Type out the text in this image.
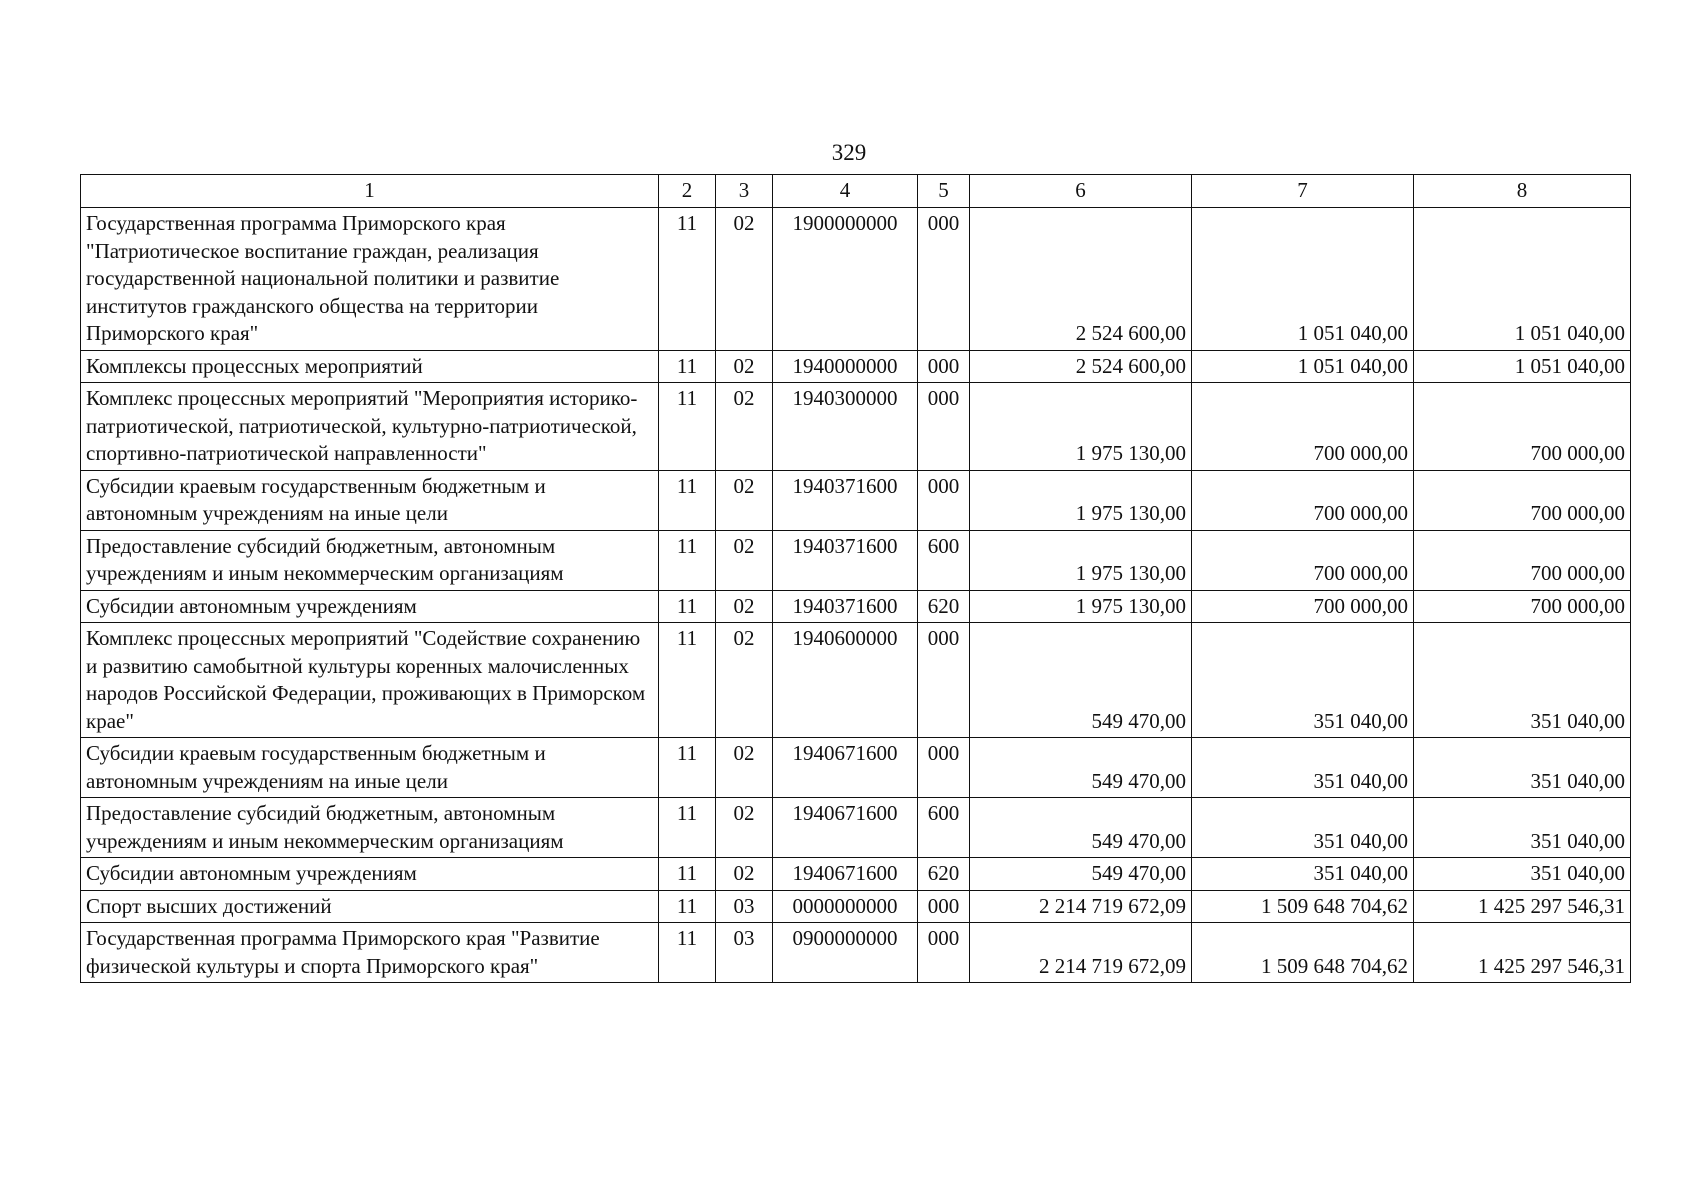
329
1	2	3	4	5	6	7	8
Государственная программа Приморского края "Патриотическое воспитание граждан, реализация государственной национальной политики и развитие институтов гражданского общества на территории Приморского края"	11	02	1900000000	000	2 524 600,00	1 051 040,00	1 051 040,00
Комплексы процессных мероприятий	11	02	1940000000	000	2 524 600,00	1 051 040,00	1 051 040,00
Комплекс процессных мероприятий "Мероприятия историко-патриотической, патриотической, культурно-патриотической, спортивно-патриотической направленности"	11	02	1940300000	000	1 975 130,00	700 000,00	700 000,00
Субсидии краевым государственным бюджетным и автономным учреждениям на иные цели	11	02	1940371600	000	1 975 130,00	700 000,00	700 000,00
Предоставление субсидий бюджетным, автономным учреждениям и иным некоммерческим организациям	11	02	1940371600	600	1 975 130,00	700 000,00	700 000,00
Субсидии автономным учреждениям	11	02	1940371600	620	1 975 130,00	700 000,00	700 000,00
Комплекс процессных мероприятий "Содействие сохранению и развитию самобытной культуры коренных малочисленных народов Российской Федерации, проживающих в Приморском крае"	11	02	1940600000	000	549 470,00	351 040,00	351 040,00
Субсидии краевым государственным бюджетным и автономным учреждениям на иные цели	11	02	1940671600	000	549 470,00	351 040,00	351 040,00
Предоставление субсидий бюджетным, автономным учреждениям и иным некоммерческим организациям	11	02	1940671600	600	549 470,00	351 040,00	351 040,00
Субсидии автономным учреждениям	11	02	1940671600	620	549 470,00	351 040,00	351 040,00
Спорт высших достижений	11	03	0000000000	000	2 214 719 672,09	1 509 648 704,62	1 425 297 546,31
Государственная программа Приморского края "Развитие физической культуры и спорта Приморского края"	11	03	0900000000	000	2 214 719 672,09	1 509 648 704,62	1 425 297 546,31
